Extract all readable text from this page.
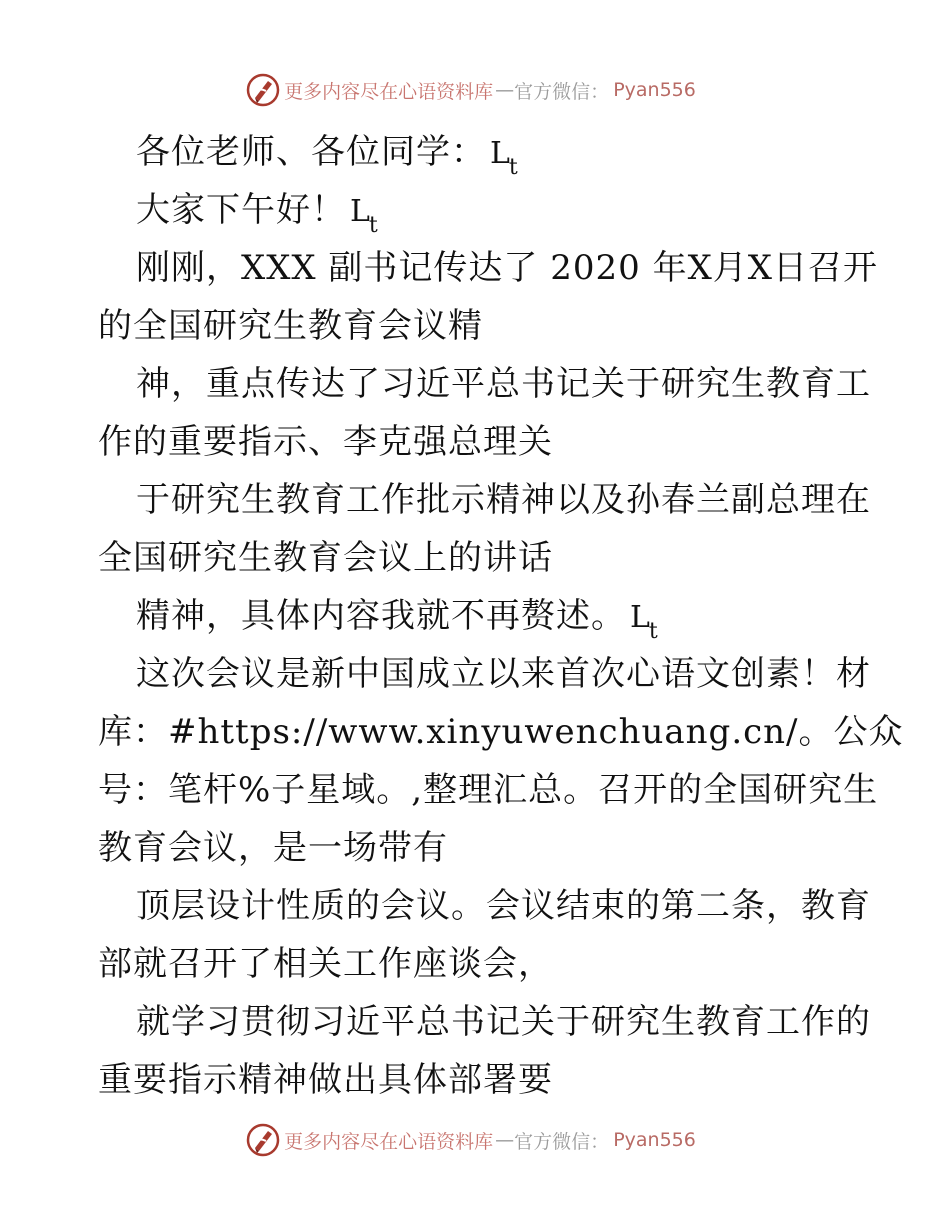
更多内容尽在心语资料库 — 官方微信： Pyan556
各位老师、各位同学： $L_t$
大家下午好！ $L_t$
刚刚，XXX 副书记传达了 2020 年X月X日召开
的全国研究生教育会议精
神，重点传达了习近平总书记关于研究生教育工
作的重要指示、李克强总理关
于研究生教育工作批示精神以及孙春兰副总理在
全国研究生教育会议上的讲话
精神，具体内容我就不再赘述。 $L_t$
这次会议是新中国成立以来首次心语文创素！材
库：#https://www.xinyuwenchuang.cn/。公众
号：笔杆%子星域。,整理汇总。召开的全国研究生
教育会议，是一场带有
顶层设计性质的会议。会议结束的第二条，教育
部就召开了相关工作座谈会，
就学习贯彻习近平总书记关于研究生教育工作的
重要指示精神做出具体部署要
更多内容尽在心语资料库 — 官方微信： Pyan556
